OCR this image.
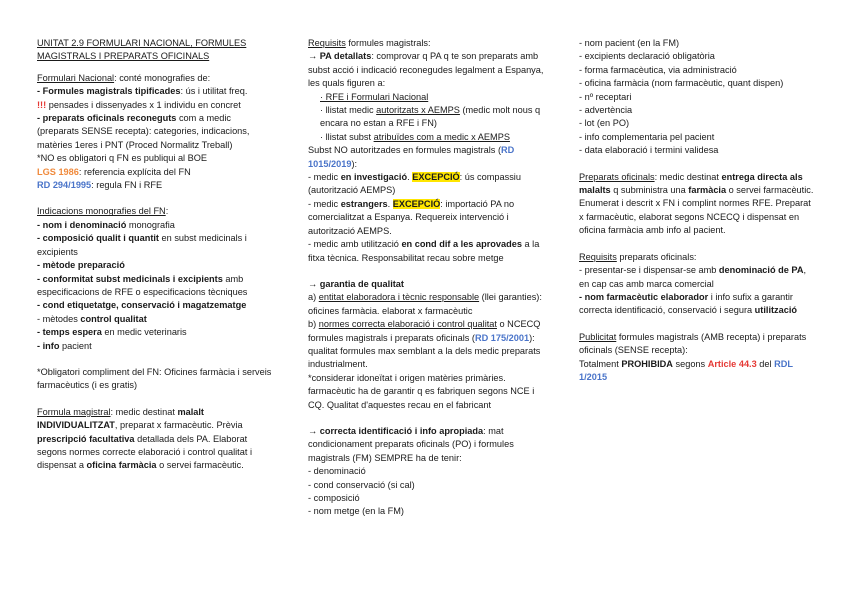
UNITAT 2.9 FORMULARI NACIONAL, FORMULES
MAGISTRALS I PREPARATS OFICINALS

Formulari Nacional: conté monografies de:
- Formules magistrals tipificades: ús i utilitat freq.
!!! pensades i dissenyades x 1 individu en concret
- preparats oficinals reconeguts com a medic (preparats SENSE recepta): categories, indicacions, matèries 1eres i PNT (Proced Normalitz Treball)
*NO es obligatori q FN es publiqui al BOE
LGS 1986: referencia explícita del FN
RD 294/1995: regula FN i RFE

Indicacions monografies del FN:
- nom i denominació monografia
- composició qualit i quantit en subst medicinals i excipients
- mètode preparació
- conformitat subst medicinals i excipients amb especificacions de RFE o especificacions tècniques
- cond etiquetatge, conservació i magatzematge
- mètodes control qualitat
- temps espera en medic veterinaris
- info pacient

*Obligatori compliment del FN: Oficines farmàcia i serveis farmacèutics (i es gratis)

Formula magistral: medic destinat malalt INDIVIDUALITZAT, preparat x farmacèutic. Prèvia prescripció facultativa detallada dels PA. Elaborat segons normes correcte elaboració i control qualitat i dispensat a oficina farmàcia o servei farmacèutic.

Requisits formules magistrals:
→ PA detallats: comprovar q PA q te son preparats amb subst acció i indicació reconegudes legalment a Espanya, les quals figuren a:

· RFE i Formulari Nacional

· llistat medic autoritzats x AEMPS (medic molt nous q encara no estan a RFE i FN)

· llistat subst atribuïdes com a medic x AEMPS

Subst NO autoritzades en formules magistrals (RD 1015/2019):
- medic en investigació. EXCEPCIÓ: ús compassiu (autorització AEMPS)
- medic estrangers. EXCEPCIÓ: importació PA no comercialitzat a Espanya. Requereix intervenció i autorització AEMPS.
- medic amb utilització en cond dif a les aprovades a la fitxa tècnica. Responsabilitat recau sobre metge

→ garantia de qualitat
a) entitat elaboradora i tècnic responsable (llei garanties): oficines farmàcia. elaborat x farmacèutic
b) normes correcta elaboració i control qualitat o NCECQ formules magistrals i preparats oficinals (RD 175/2001): qualitat formules max semblant a la dels medic preparats industrialment.
*considerar idoneïtat i origen matèries primàries. farmacèutic ha de garantir q es fabriquen segons NCE i CQ. Qualitat d'aquestes recau en el fabricant

→ correcta identificació i info apropiada: mat condicionament preparats oficinals (PO) i formules magistrals (FM) SEMPRE ha de tenir:
- denominació
- cond conservació (si cal)
- composició
- nom metge (en la FM)

- nom pacient (en la FM)
- excipients declaració obligatòria
- forma farmacèutica, via administració
- oficina farmàcia (nom farmacèutic, quant dispen)
- nº receptari
- advertència
- lot (en PO)
- info complementaria pel pacient
- data elaboració i termini validesa

Preparats oficinals: medic destinat entrega directa als malalts q subministra una farmàcia o servei farmacèutic. Enumerat i descrit x FN i complint normes RFE. Preparat x farmacèutic, elaborat segons NCECQ i dispensat en oficina farmàcia amb info al pacient.

Requisits preparats oficinals:
- presentar-se i dispensar-se amb denominació de PA, en cap cas amb marca comercial
- nom farmacèutic elaborador i info sufix a garantir correcta identificació, conservació i segura utilització

Publicitat formules magistrals (AMB recepta) i preparats oficinals (SENSE recepta):
Totalment PROHIBIDA segons Article 44.3 del RDL 1/2015
